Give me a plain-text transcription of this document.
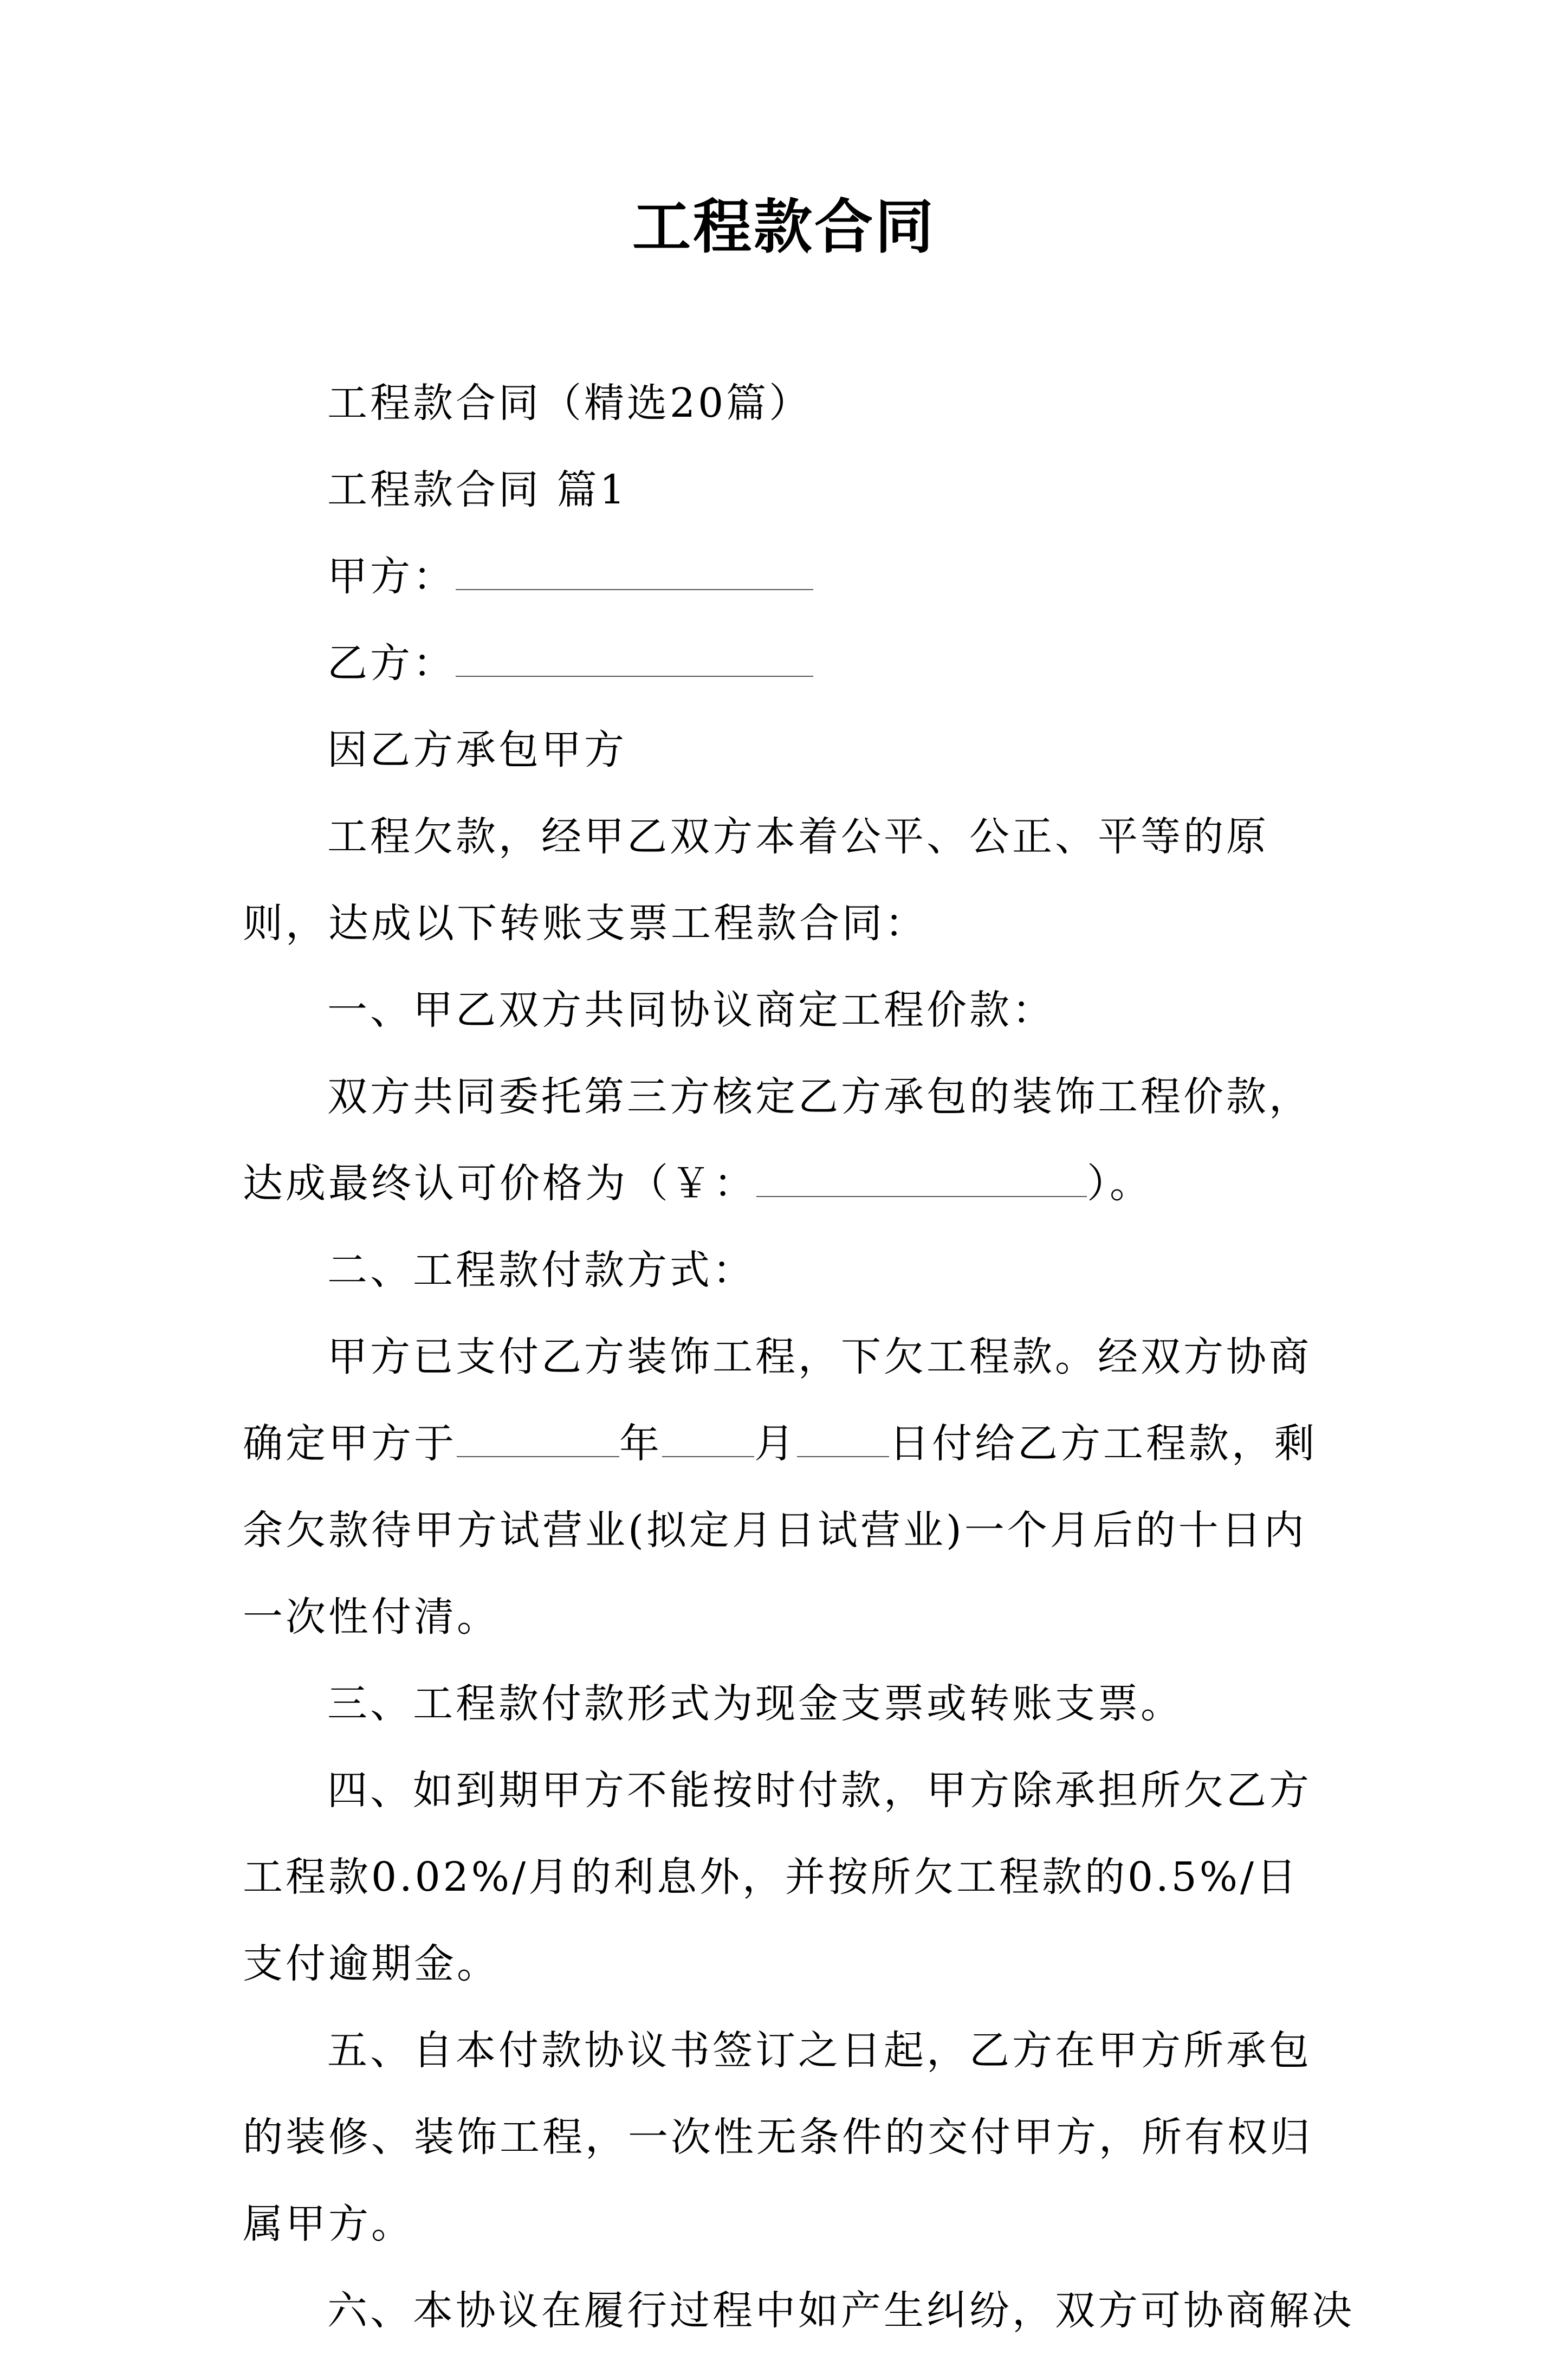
工程款合同

工程款合同（精选20篇）

工程款合同 篇1

甲方：

乙方：

因乙方承包甲方

工程欠款，经甲乙双方本着公平、公正、平等的原则，达成以下转账支票工程款合同：

一、甲乙双方共同协议商定工程价款：

双方共同委托第三方核定乙方承包的装饰工程价款，达成最终认可价格为（￥：	）。

二、工程款付款方式：

甲方已支付乙方装饰工程，下欠工程款。经双方协商确定甲方于	年 月 日付给乙方工程款，剩余欠款待甲方试营业(拟定月日试营业)一个月后的十日内一次性付清。

三、工程款付款形式为现金支票或转账支票。

四、如到期甲方不能按时付款，甲方除承担所欠乙方工程款0.02%/月的利息外，并按所欠工程款的0.5%/日支付逾期金。

五、自本付款协议书签订之日起，乙方在甲方所承包的装修、装饰工程，一次性无条件的交付甲方，所有权归属甲方。

六、本协议在履行过程中如产生纠纷，双方可协商解决
